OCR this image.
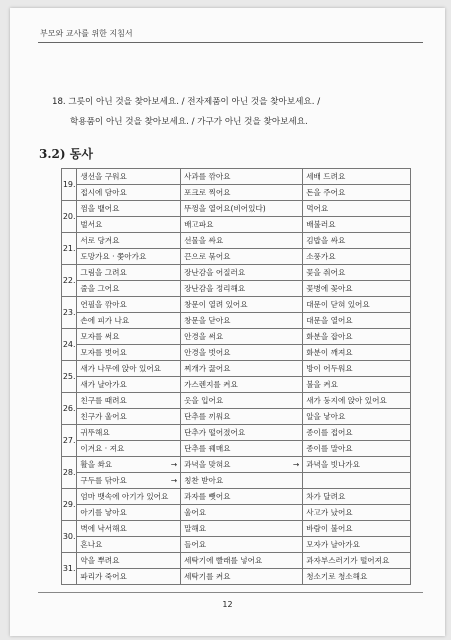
부모와 교사를 위한 지침서
18. 그릇이 아닌 것을 찾아보세요. / 전자제품이 아닌 것을 찾아보세요. /
학용품이 아닌 것을 찾아보세요. / 가구가 아닌 것을 찾아보세요.
3.2) 동사
19.	생선을 구워요	사과를 깎아요	세배 드려요
	접시에 담아요	포크로 찍어요	돈을 주어요
20.	껌을 뱉어요	뚜껑을 열어요(비어있다)	먹어요
	벌서요	배고파요	배불러요
21.	서로 당겨요	선물을 싸요	김밥을 싸요
	도망가요 · 쫓아가요	끈으로 묶어요	소풍가요
22.	그림을 그려요	장난감을 어질러요	꽃을 줘어요
	줄을 그어요	장난감을 정리해요	꽃병에 꽂아요
23.	연필을 깎아요	창문이 열려 있어요	대문이 닫혀 있어요
	손에 피가 나요	창문을 닫아요	대문을 열어요
24.	모자를 써요	안경을 써요	화분을 잡아요
	모자를 벗어요	안경을 벗어요	화분이 깨져요
25.	새가 나무에 앉아 있어요	찌개가 끓어요	방이 어두워요
	새가 날아가요	가스렌지를 켜요	불을 켜요
26.	친구를 때려요	옷을 입어요	새가 둥지에 앉아 있어요
	친구가 울어요	단추를 끼워요	알을 낳아요
27.	귀뚜해요	단추가 떨어졌어요	종이를 접어요
	이겨요 · 져요	단추를 꿰매요	종이를 말아요
28.	활을 쏴요 →	과녁을 맞혀요 →	과녁을 빗나가요

	구두를 닦아요 →	칭찬 받아요	

29.	엄마 뱃속에 아기가 있어요	과자를 뺏어요	차가 달려요
	아기를 낳아요	울어요	사고가 났어요
30.	벽에 낙서해요	말해요	바람이 불어요
	혼나요	들어요	모자가 날아가요
31.	약을 뿌려요	세탁기에 빨래를 넣어요	과자부스러기가 떨어져요
	파리가 죽어요	세탁기를 켜요	청소기로 청소해요
12
